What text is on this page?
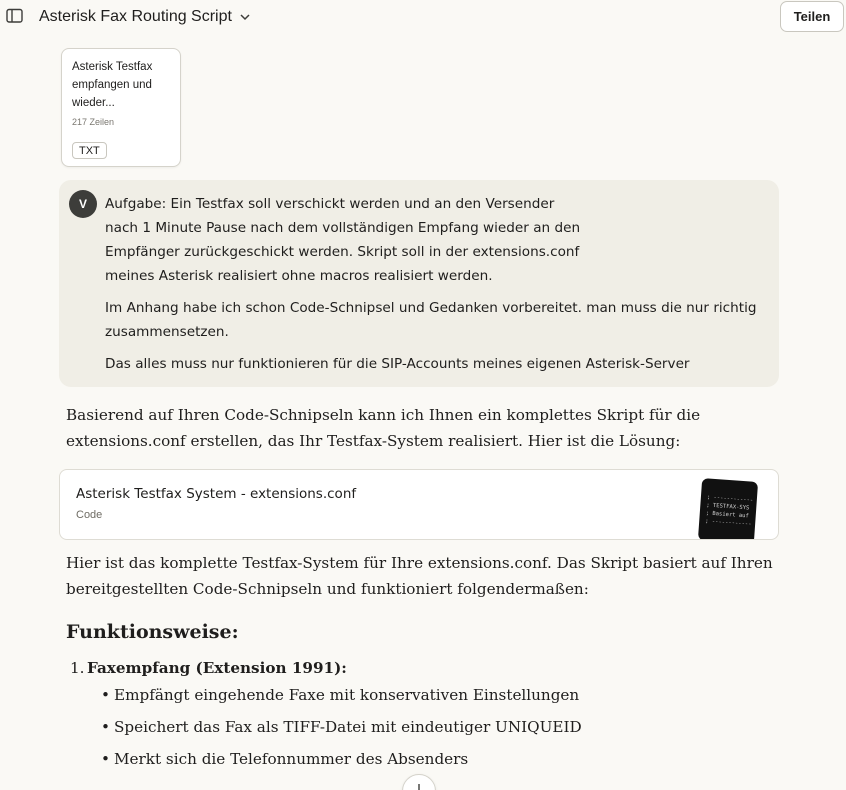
Asterisk Fax Routing Script	Teilen
Asterisk Testfax empfangen und wieder...
217 Zeilen
TXT
V	Aufgabe: Ein Testfax soll verschickt werden und an den Versender
nach 1 Minute Pause nach dem vollständigen Empfang wieder an den
Empfänger zurückgeschickt werden. Skript soll in der extensions.conf
meines Asterisk realisiert ohne macros realisiert werden.

Im Anhang habe ich schon Code-Schnipsel und Gedanken vorbereitet. man muss die nur richtig zusammensetzen.

Das alles muss nur funktionieren für die SIP-Accounts meines eigenen Asterisk-Server

Basierend auf Ihren Code-Schnipseln kann ich Ihnen ein komplettes Skript für die extensions.conf erstellen, das Ihr Testfax-System realisiert. Hier ist die Lösung:

Asterisk Testfax System - extensions.conf
Code
; ------------
; TESTFAX-SYS
; Basiert auf
; ------------

Hier ist das komplette Testfax-System für Ihre extensions.conf. Das Skript basiert auf Ihren bereitgestellten Code-Schnipseln und funktioniert folgendermaßen:

Funktionsweise:
1. Faxempfang (Extension 1991):
• Empfängt eingehende Faxe mit konservativen Einstellungen
• Speichert das Fax als TIFF-Datei mit eindeutiger UNIQUEID
• Merkt sich die Telefonnummer des Absenders
